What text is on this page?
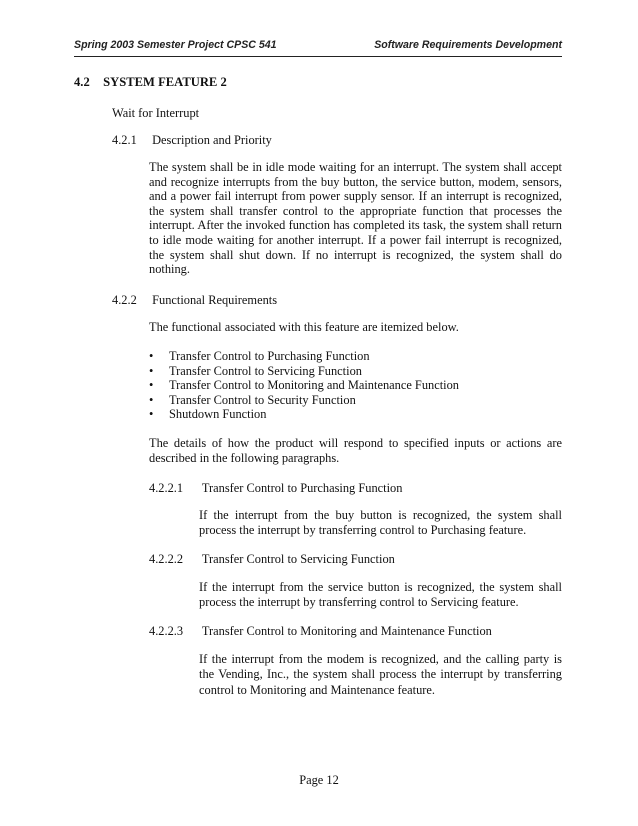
Spring 2003 Semester Project CPSC 541	Software Requirements Development
4.2 SYSTEM FEATURE 2
Wait for Interrupt
4.2.1 Description and Priority
The system shall be in idle mode waiting for an interrupt. The system shall accept and recognize interrupts from the buy button, the service button, modem, sensors, and a power fail interrupt from power supply sensor. If an interrupt is recognized, the system shall transfer control to the appropriate function that processes the interrupt. After the invoked function has completed its task, the system shall return to idle mode waiting for another interrupt. If a power fail interrupt is recognized, the system shall shut down. If no interrupt is recognized, the system shall do nothing.
4.2.2 Functional Requirements
The functional associated with this feature are itemized below.
• Transfer Control to Purchasing Function
• Transfer Control to Servicing Function
• Transfer Control to Monitoring and Maintenance Function
• Transfer Control to Security Function
• Shutdown Function
The details of how the product will respond to specified inputs or actions are described in the following paragraphs.
4.2.2.1 Transfer Control to Purchasing Function
If the interrupt from the buy button is recognized, the system shall process the interrupt by transferring control to Purchasing feature.
4.2.2.2 Transfer Control to Servicing Function
If the interrupt from the service button is recognized, the system shall process the interrupt by transferring control to Servicing feature.
4.2.2.3 Transfer Control to Monitoring and Maintenance Function
If the interrupt from the modem is recognized, and the calling party is the Vending, Inc., the system shall process the interrupt by transferring control to Monitoring and Maintenance feature.
Page 12
